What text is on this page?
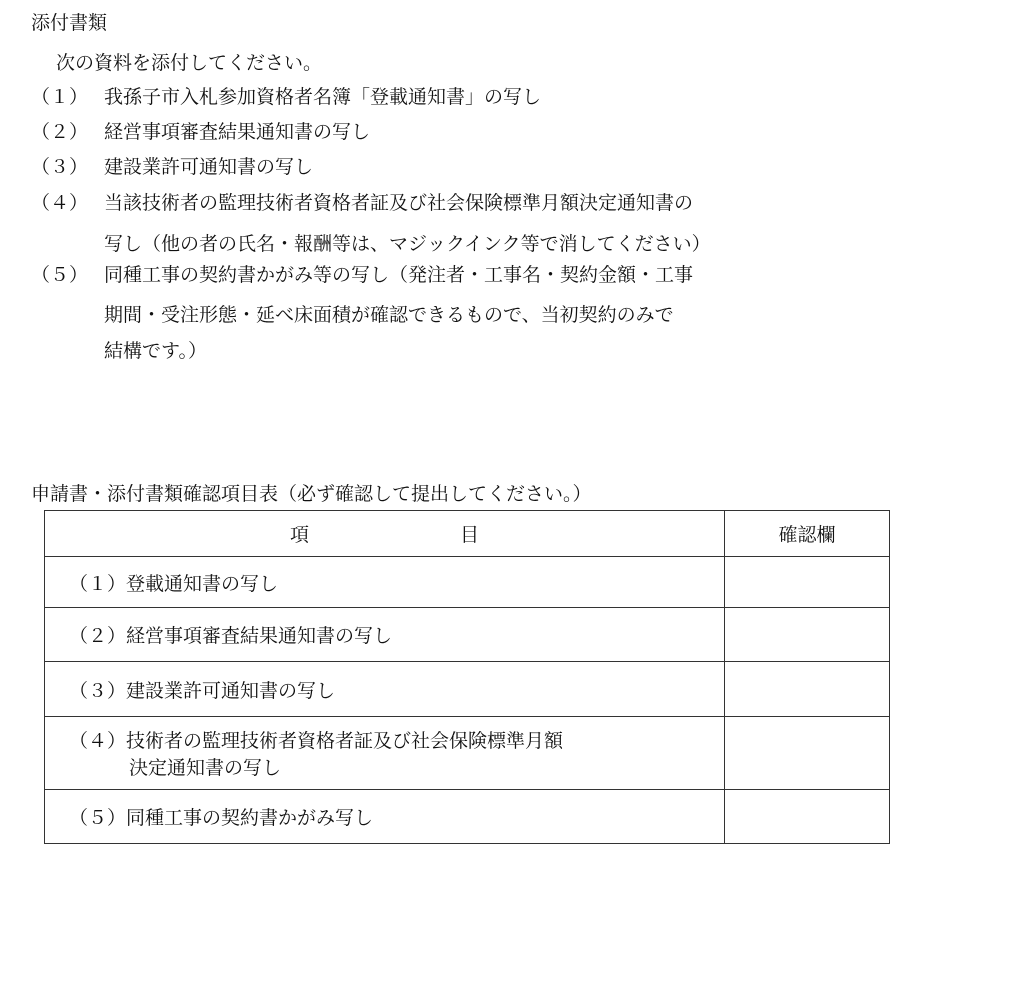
添付書類
次の資料を添付してください。
（１） 我孫子市入札参加資格者名簿「登載通知書」の写し
（２） 経営事項審査結果通知書の写し
（３） 建設業許可通知書の写し
（４） 当該技術者の監理技術者資格者証及び社会保険標準月額決定通知書の
写し（他の者の氏名・報酬等は、マジックインク等で消してください）
（５） 同種工事の契約書かがみ等の写し（発注者・工事名・契約金額・工事
期間・受注形態・延べ床面積が確認できるもので、当初契約のみで
結構です。）
申請書・添付書類確認項目表（必ず確認して提出してください。）
項 目	確認欄
（１）登載通知書の写し	
（２）経営事項審査結果通知書の写し	
（３）建設業許可通知書の写し	
（４）技術者の監理技術者資格者証及び社会保険標準月額
決定通知書の写し	

（５）同種工事の契約書かがみ写し	
